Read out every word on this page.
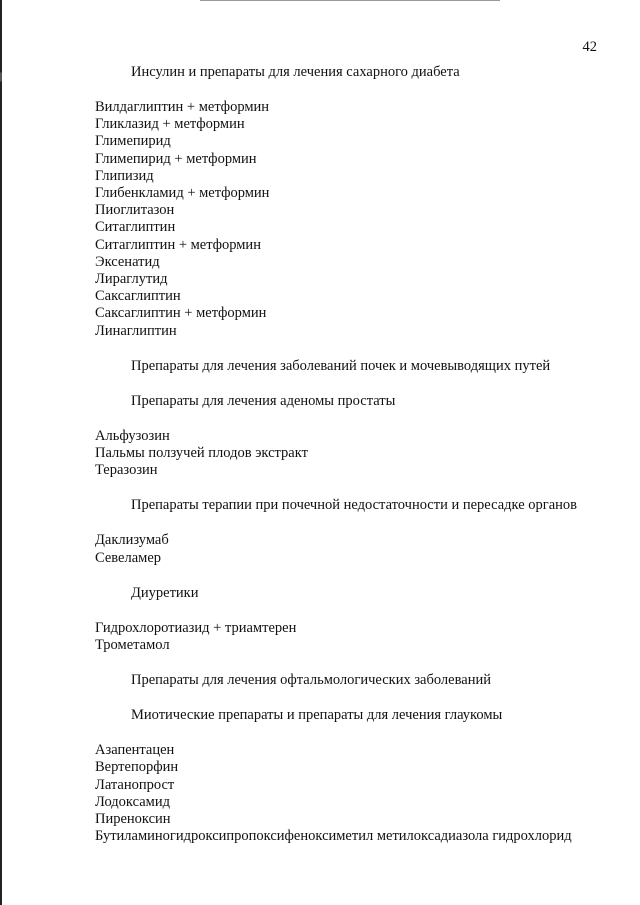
42
Инсулин и препараты для лечения сахарного диабета
Вилдаглиптин + метформин
Гликлазид + метформин
Глимепирид
Глимепирид + метформин
Глипизид
Глибенкламид + метформин
Пиоглитазон
Ситаглиптин
Ситаглиптин + метформин
Эксенатид
Лираглутид
Саксаглиптин
Саксаглиптин + метформин
Линаглиптин
Препараты для лечения заболеваний почек и мочевыводящих путей
Препараты для лечения аденомы простаты
Альфузозин
Пальмы ползучей плодов экстракт
Теразозин
Препараты терапии при почечной недостаточности и пересадке органов
Даклизумаб
Севеламер
Диуретики
Гидрохлоротиазид + триамтерен
Трометамол
Препараты для лечения офтальмологических заболеваний
Миотические препараты и препараты для лечения глаукомы
Азапентацен
Вертепорфин
Латанопрост
Лодоксамид
Пиреноксин
Бутиламиногидроксипропоксифеноксиметил метилоксадиазола гидрохлорид
